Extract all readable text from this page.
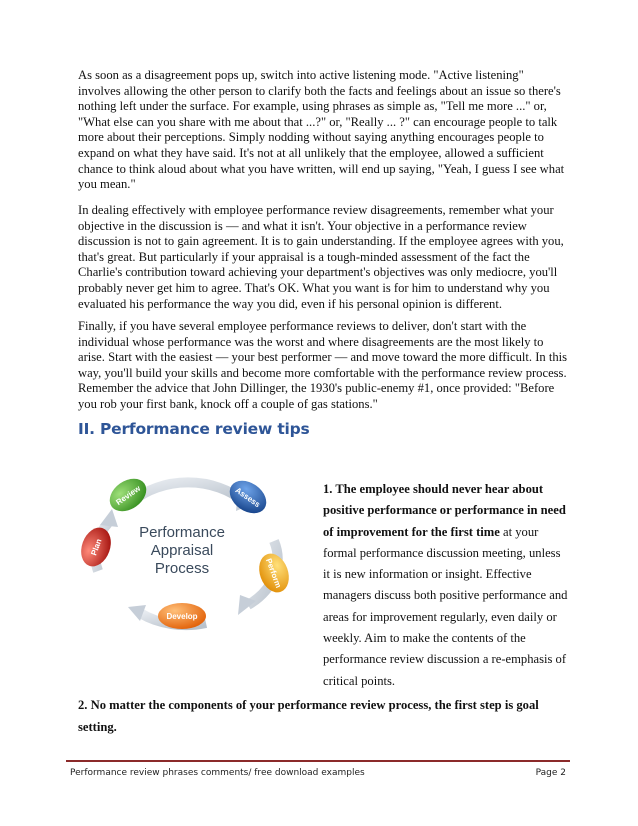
As soon as a disagreement pops up, switch into active listening mode. "Active listening" involves allowing the other person to clarify both the facts and feelings about an issue so there's nothing left under the surface. For example, using phrases as simple as, "Tell me more ..." or, "What else can you share with me about that ...?" or, "Really ... ?" can encourage people to talk more about their perceptions. Simply nodding without saying anything encourages people to expand on what they have said. It's not at all unlikely that the employee, allowed a sufficient chance to think aloud about what you have written, will end up saying, "Yeah, I guess I see what you mean."

In dealing effectively with employee performance review disagreements, remember what your objective in the discussion is — and what it isn't. Your objective in a performance review discussion is not to gain agreement. It is to gain understanding. If the employee agrees with you, that's great. But particularly if your appraisal is a tough-minded assessment of the fact the Charlie's contribution toward achieving your department's objectives was only mediocre, you'll probably never get him to agree. That's OK. What you want is for him to understand why you evaluated his performance the way you did, even if his personal opinion is different.

Finally, if you have several employee performance reviews to deliver, don't start with the individual whose performance was the worst and where disagreements are the most likely to arise. Start with the easiest — your best performer — and move toward the more difficult. In this way, you'll build your skills and become more comfortable with the performance review process. Remember the advice that John Dillinger, the 1930's public-enemy #1, once provided: "Before you rob your first bank, knock off a couple of gas stations."

II. Performance review tips
Review	Assess
Perform
Develop
Plan
Performance
Appraisal
Process

1. The employee should never hear about positive performance or performance in need of improvement for the first time at your formal performance discussion meeting, unless it is new information or insight. Effective managers discuss both positive performance and areas for improvement regularly, even daily or weekly. Aim to make the contents of the performance review discussion a re-emphasis of critical points.

2. No matter the components of your performance review process, the first step is goal setting.

Performance review phrases comments/ free download examples	Page 2
